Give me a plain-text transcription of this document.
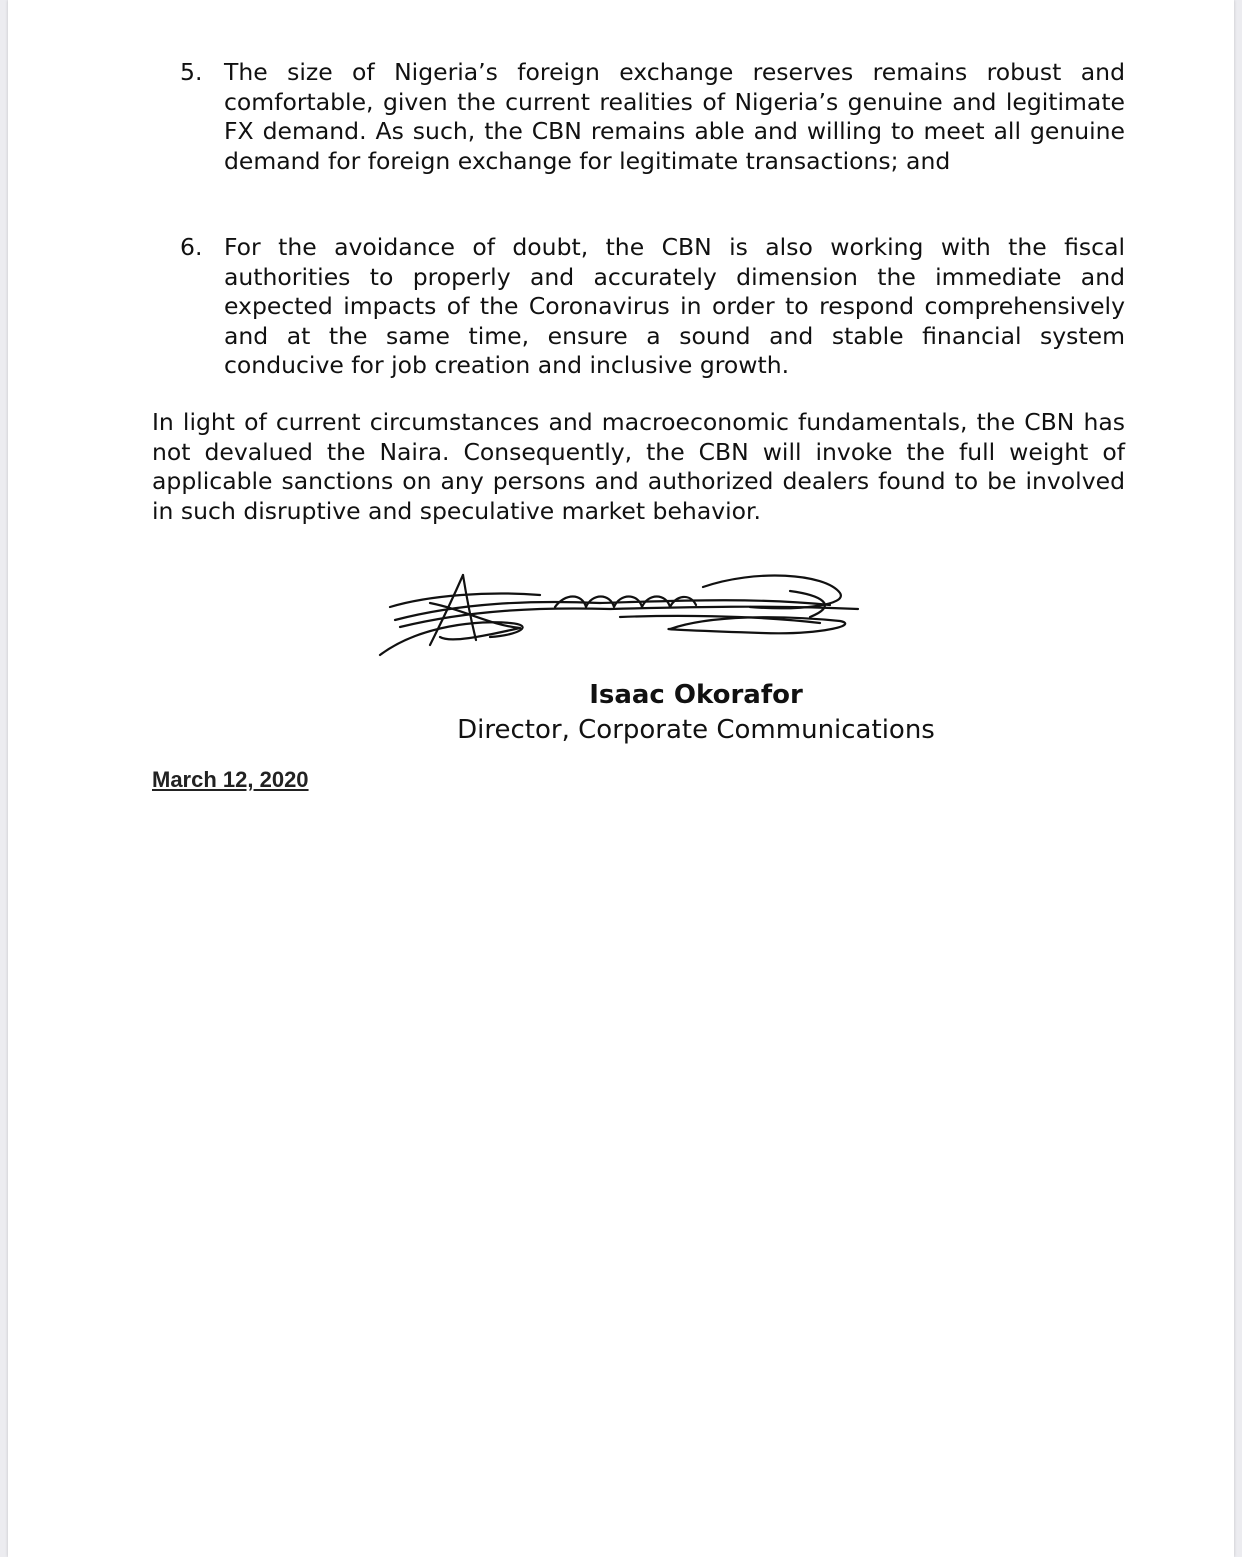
5. The size of Nigeria’s foreign exchange reserves remains robust and comfortable, given the current realities of Nigeria’s genuine and legitimate FX demand. As such, the CBN remains able and willing to meet all genuine demand for foreign exchange for legitimate transactions; and
6. For the avoidance of doubt, the CBN is also working with the fiscal authorities to properly and accurately dimension the immediate and expected impacts of the Coronavirus in order to respond comprehensively and at the same time, ensure a sound and stable financial system conducive for job creation and inclusive growth.
In light of current circumstances and macroeconomic fundamentals, the CBN has not devalued the Naira. Consequently, the CBN will invoke the full weight of applicable sanctions on any persons and authorized dealers found to be involved in such disruptive and speculative market behavior.
Isaac Okorafor
Director, Corporate Communications
March 12, 2020
